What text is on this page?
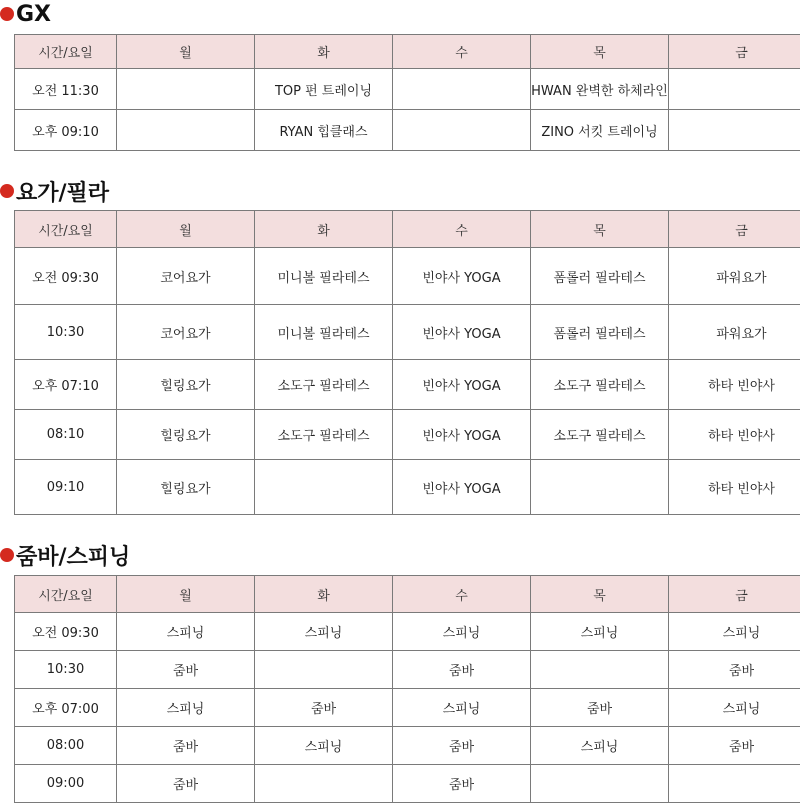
GX
시간/요일	월	화	수	목	금
오전 11:30		TOP 펀 트레이닝		HWAN 완벽한 하체라인	
오후 09:10		RYAN 힙클래스		ZINO 서킷 트레이닝	
요가/필라
시간/요일	월	화	수	목	금
오전 09:30	코어요가	미니볼 필라테스	빈야사 YOGA	폼롤러 필라테스	파워요가
10:30	코어요가	미니볼 필라테스	빈야사 YOGA	폼롤러 필라테스	파워요가
오후 07:10	힐링요가	소도구 필라테스	빈야사 YOGA	소도구 필라테스	하타 빈야사
08:10	힐링요가	소도구 필라테스	빈야사 YOGA	소도구 필라테스	하타 빈야사
09:10	힐링요가		빈야사 YOGA		하타 빈야사
줌바/스피닝
시간/요일	월	화	수	목	금
오전 09:30	스피닝	스피닝	스피닝	스피닝	스피닝
10:30	줌바		줌바		줌바
오후 07:00	스피닝	줌바	스피닝	줌바	스피닝
08:00	줌바	스피닝	줌바	스피닝	줌바
09:00	줌바		줌바		
